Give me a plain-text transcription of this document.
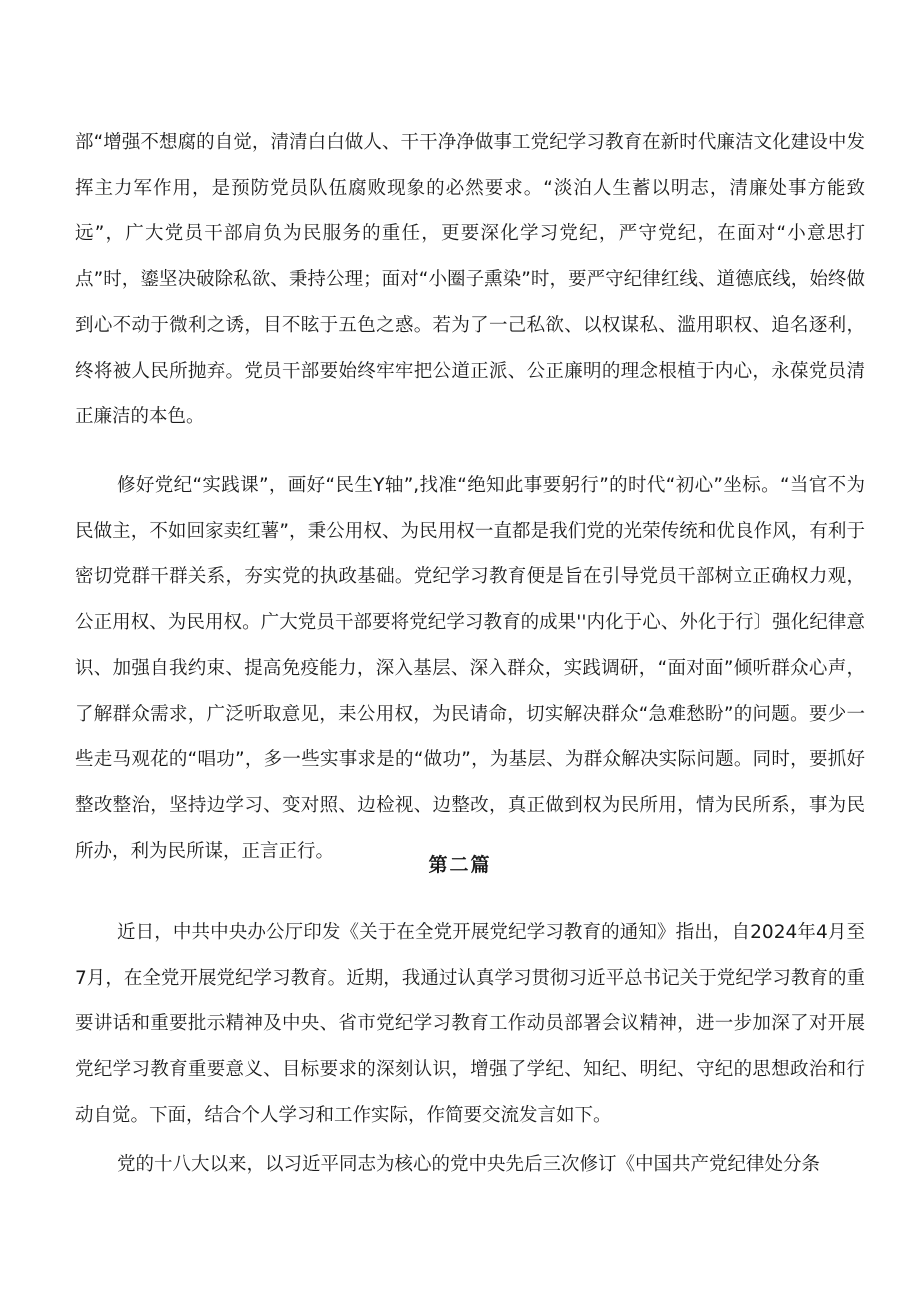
部“增强不想腐的自觉，清清白白做人、干干净净做事工党纪学习教育在新时代廉洁文化建设中发挥主力军作用，是预防党员队伍腐败现象的必然要求。“淡泊人生蓄以明志，清廉处事方能致远”，广大党员干部肩负为民服务的重任，更要深化学习党纪，严守党纪，在面对“小意思打点”时，鎏坚决破除私欲、秉持公理；面对“小圈子熏染”时，要严守纪律红线、道德底线，始终做到心不动于微利之诱，目不眩于五色之惑。若为了一己私欲、以权谋私、滥用职权、追名逐利，终将被人民所抛弃。党员干部要始终牢牢把公道正派、公正廉明的理念根植于内心，永葆党员清正廉洁的本色。

修好党纪“实践课”，画好“民生Y轴”,找准“绝知此事要躬行”的时代“初心”坐标。“当官不为民做主，不如回家卖红薯”，秉公用权、为民用权一直都是我们党的光荣传统和优良作风，有利于密切党群干群关系，夯实党的执政基础。党纪学习教育便是旨在引导党员干部树立正确权力观，公正用权、为民用权。广大党员干部要将党纪学习教育的成果''内化于心、外化于行〕强化纪律意识、加强自我约束、提高免疫能力，深入基层、深入群众，实践调研，“面对面”倾听群众心声，了解群众需求，广泛听取意见，耒公用权，为民请命，切实解决群众“急难愁盼”的问题。要少一些走马观花的“唱功”，多一些实事求是的“做功”，为基层、为群众解决实际问题。同时，要抓好整改整治，坚持边学习、变对照、边检视、边整改，真正做到权为民所用，情为民所系，事为民所办，利为民所谋，正言正行。

第二篇

近日，中共中央办公厅印发《关于在全党开展党纪学习教育的通知》指出，自2024年4月至7月，在全党开展党纪学习教育。近期，我通过认真学习贯彻习近平总书记关于党纪学习教育的重要讲话和重要批示精神及中央、省市党纪学习教育工作动员部署会议精神，进一步加深了对开展党纪学习教育重要意义、目标要求的深刻认识，增强了学纪、知纪、明纪、守纪的思想政治和行动自觉。下面，结合个人学习和工作实际，作简要交流发言如下。

党的十八大以来，以习近平同志为核心的党中央先后三次修订《中国共产党纪律处分条
